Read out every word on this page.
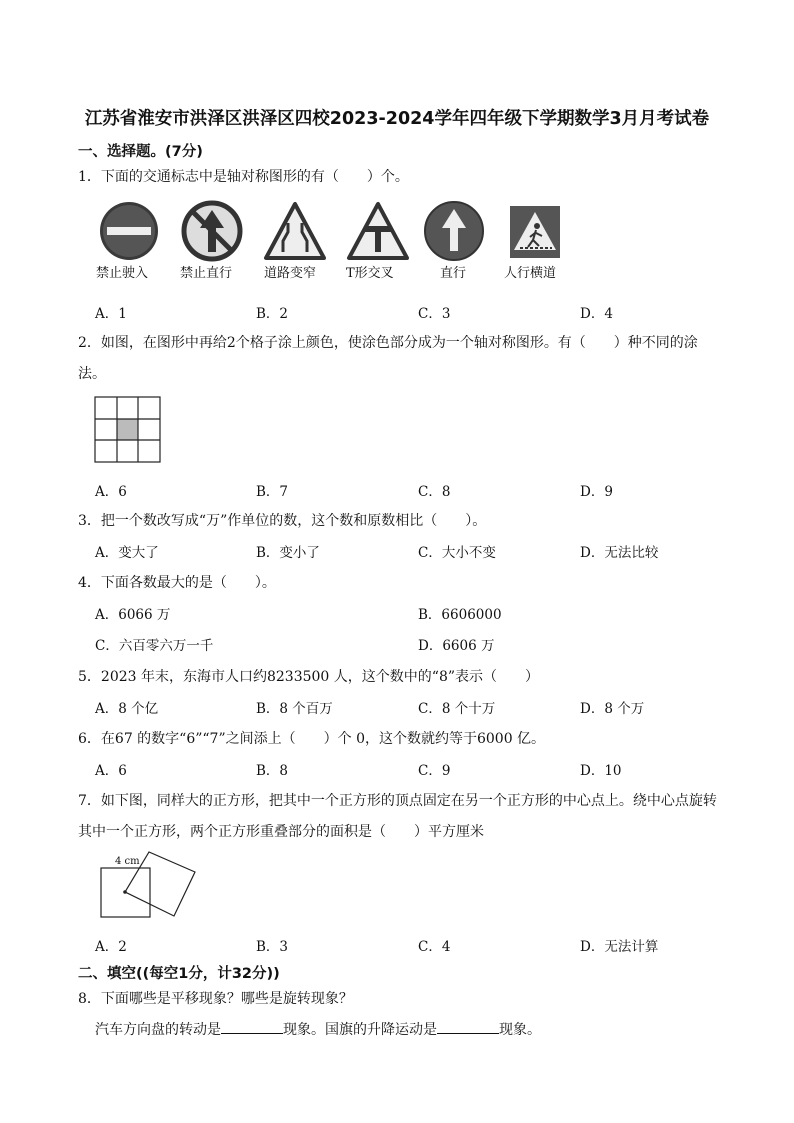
江苏省淮安市洪泽区洪泽区四校2023-2024学年四年级下学期数学3月月考试卷
一、选择题。(7分)
1．下面的交通标志中是轴对称图形的有（　　）个。
禁止驶入 禁止直行 道路变窄 T形交叉	直行	人行横道
A．1	B．2	C．3	D．4
2．如图，在图形中再给2个格子涂上颜色，使涂色部分成为一个轴对称图形。有（　　）种不同的涂
法。
A．6	B．7	C．8	D．9
3．把一个数改写成“万”作单位的数，这个数和原数相比（　　）。
A．变大了	B．变小了	C．大小不变	D．无法比较
4．下面各数最大的是（　　）。
A．6066 万	B．6606000
C．六百零六万一千	D．6606 万
5．2023 年末，东海市人口约8233500 人，这个数中的“8”表示（　　）
A．8 个亿	B．8 个百万	C．8 个十万	D．8 个万
6．在67 的数字“6”“7”之间添上（　　）个 0，这个数就约等于6000 亿。
A．6	B．8	C．9	D．10
7．如下图，同样大的正方形，把其中一个正方形的顶点固定在另一个正方形的中心点上。绕中心点旋转
其中一个正方形，两个正方形重叠部分的面积是（　　）平方厘米
4 cm
A．2	B．3	C．4	D．无法计算
二、填空((每空1分，计32分))
8．下面哪些是平移现象？哪些是旋转现象？
汽车方向盘的转动是	现象。国旗的升降运动是	现象。
